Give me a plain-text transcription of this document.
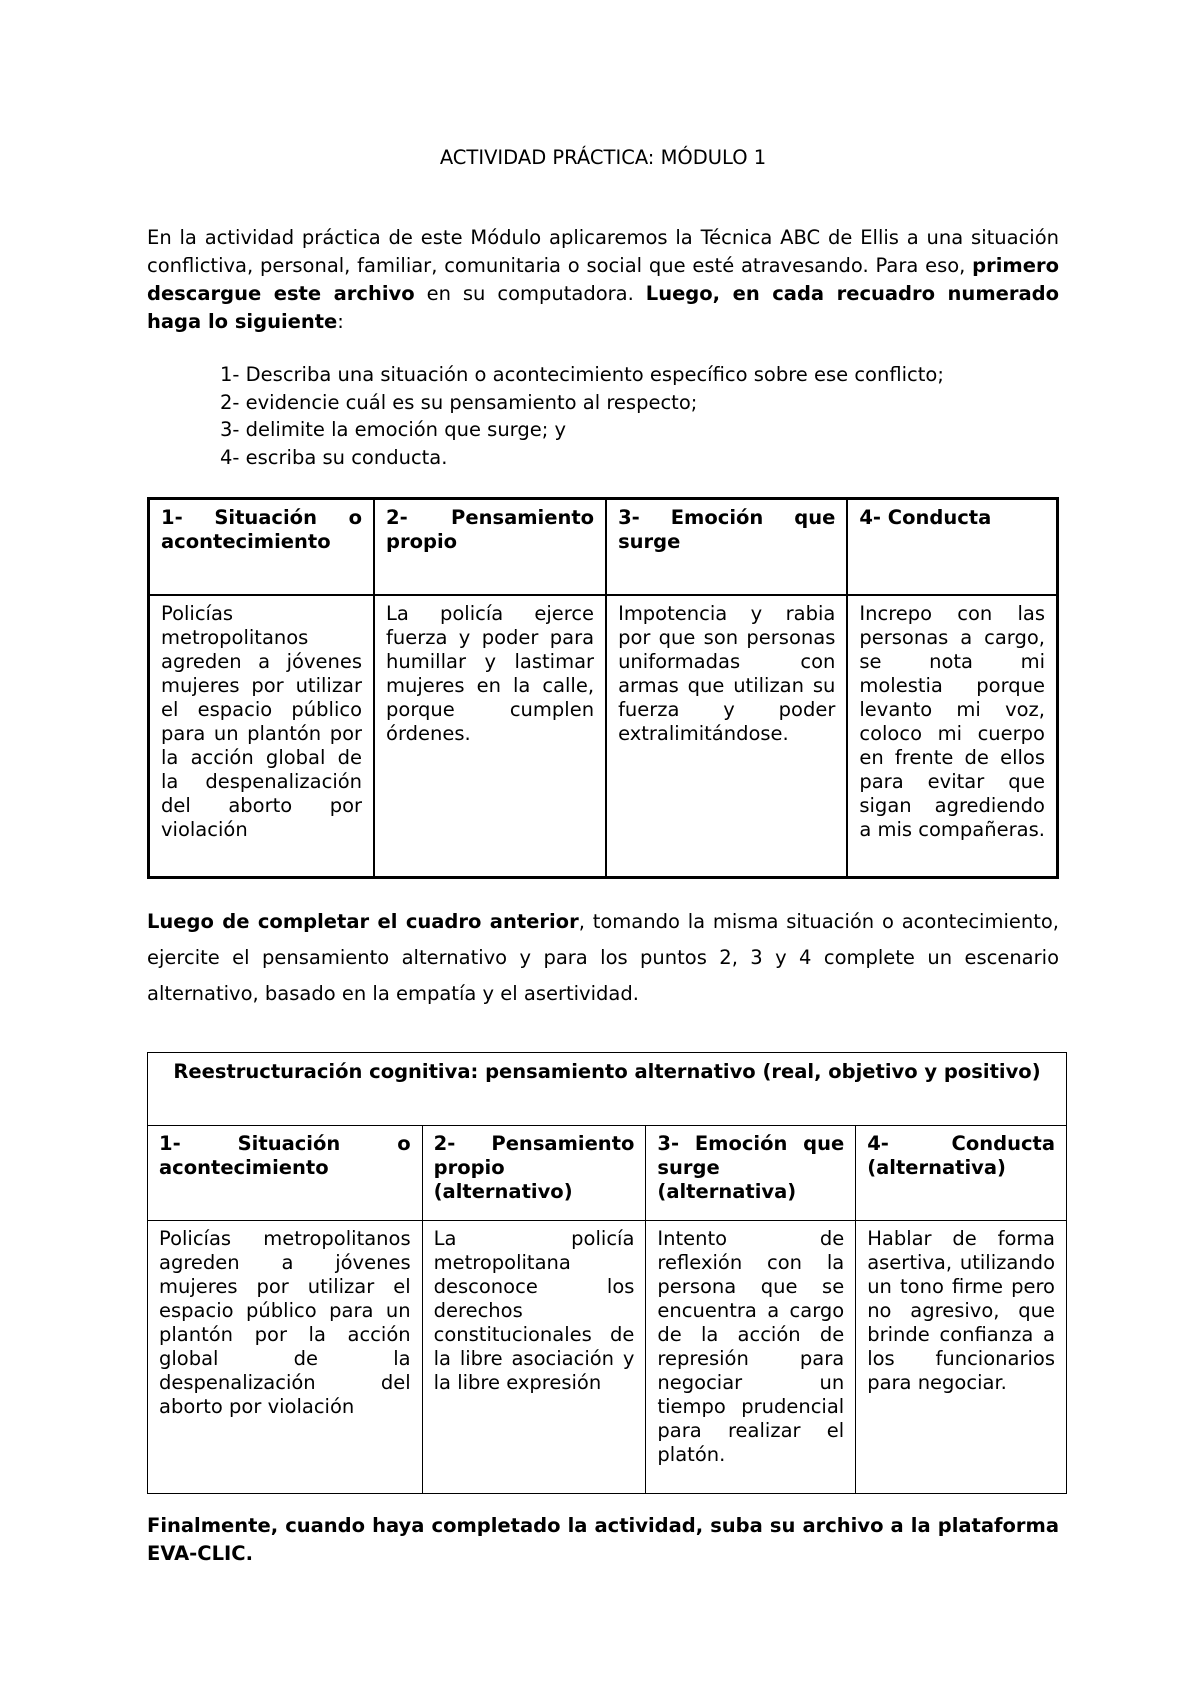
ACTIVIDAD PRÁCTICA: MÓDULO 1

En la actividad práctica de este Módulo aplicaremos la Técnica ABC de Ellis a una situación conflictiva, personal, familiar, comunitaria o social que esté atravesando. Para eso, primero descargue este archivo en su computadora. Luego, en cada recuadro numerado haga lo siguiente:

1- Describa una situación o acontecimiento específico sobre ese conflicto;
2- evidencie cuál es su pensamiento al respecto;
3- delimite la emoción que surge; y
4- escriba su conducta.
1- Situación o acontecimiento	2- Pensamiento propio	3- Emoción que surge	4- Conducta
Policías metropolitanos agreden a jóvenes mujeres por utilizar el espacio público para un plantón por la acción global de la despenalización del aborto por violación	La policía ejerce fuerza y poder para humillar y lastimar mujeres en la calle, porque cumplen órdenes.	Impotencia y rabia por que son personas uniformadas con armas que utilizan su fuerza y poder extralimitándose.	Increpo con las personas a cargo, se nota mi molestia porque levanto mi voz, coloco mi cuerpo en frente de ellos para evitar que sigan agrediendo a mis compañeras.

Luego de completar el cuadro anterior, tomando la misma situación o acontecimiento, ejercite el pensamiento alternativo y para los puntos 2, 3 y 4 complete un escenario alternativo, basado en la empatía y el asertividad.

Reestructuración cognitiva: pensamiento alternativo (real, objetivo y positivo)			
1- Situación o acontecimiento	2- Pensamiento propio (alternativo)	3- Emoción que surge (alternativa)	4- Conducta (alternativa)
Policías metropolitanos agreden a jóvenes mujeres por utilizar el espacio público para un plantón por la acción global de la despenalización del aborto por violación	La policía metropolitana desconoce los derechos constitucionales de la libre asociación y la libre expresión	Intento de reflexión con la persona que se encuentra a cargo de la acción de represión para negociar un tiempo prudencial para realizar el platón.	Hablar de forma asertiva, utilizando un tono firme pero no agresivo, que brinde confianza a los funcionarios para negociar.

Finalmente, cuando haya completado la actividad, suba su archivo a la plataforma EVA-CLIC.
